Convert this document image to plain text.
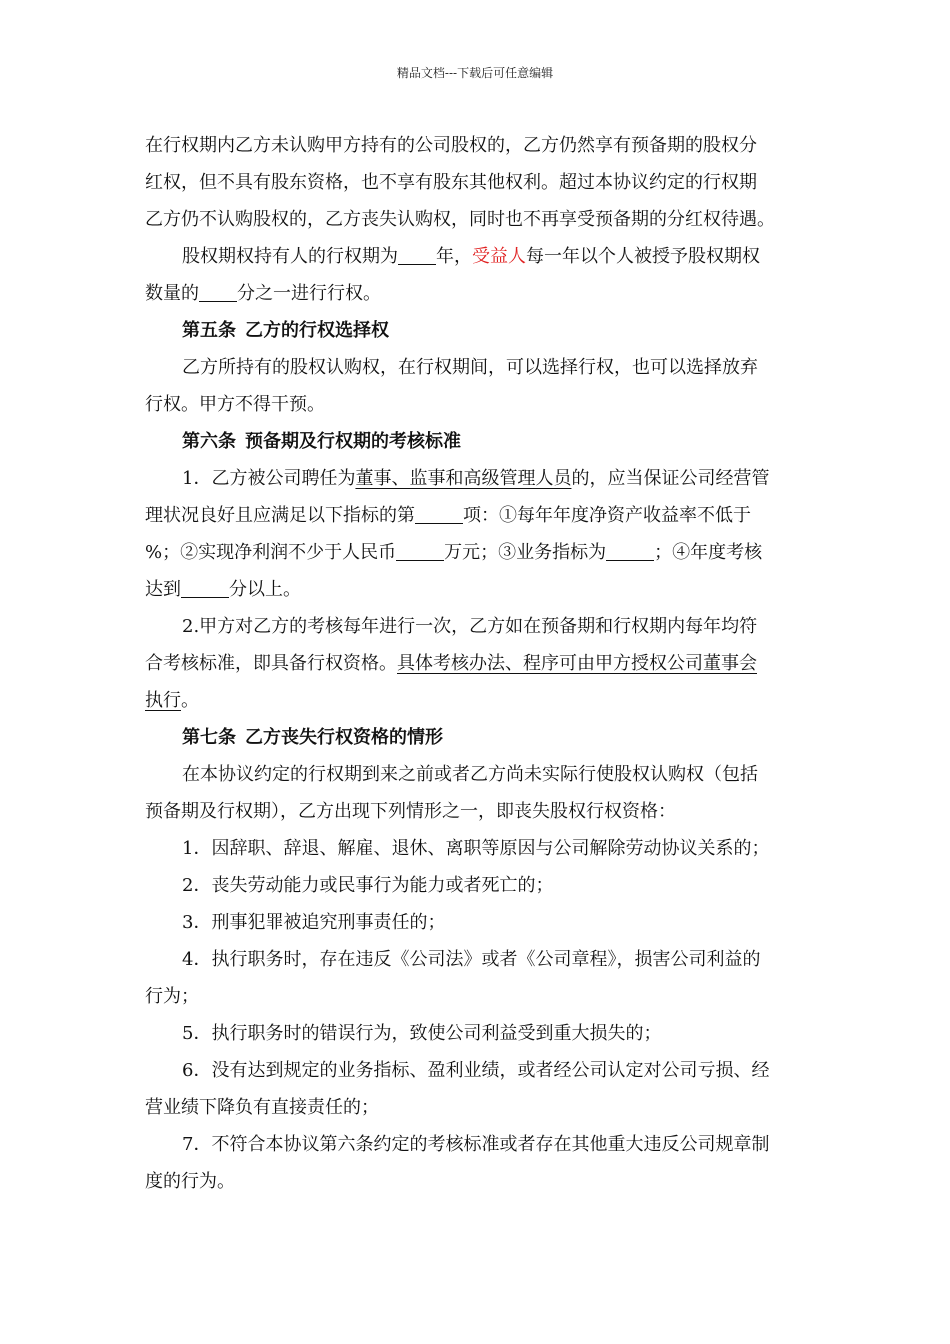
精品文档---下载后可任意编辑
在行权期内乙方未认购甲方持有的公司股权的，乙方仍然享有预备期的股权分
红权，但不具有股东资格，也不享有股东其他权利。超过本协议约定的行权期
乙方仍不认购股权的，乙方丧失认购权，同时也不再享受预备期的分红权待遇。
股权期权持有人的行权期为 年，受益人每一年以个人被授予股权期权
数量的 分之一进行行权。
第五条 乙方的行权选择权
乙方所持有的股权认购权，在行权期间，可以选择行权，也可以选择放弃
行权。甲方不得干预。
第六条 预备期及行权期的考核标准
1．乙方被公司聘任为董事、监事和高级管理人员的，应当保证公司经营管
理状况良好且应满足以下指标的第	项：①每年年度净资产收益率不低于
%；②实现净利润不少于人民币	万元；③业务指标为	；④年度考核
达到	分以上。
2.甲方对乙方的考核每年进行一次，乙方如在预备期和行权期内每年均符
合考核标准，即具备行权资格。具体考核办法、程序可由甲方授权公司董事会
执行。
第七条 乙方丧失行权资格的情形
在本协议约定的行权期到来之前或者乙方尚未实际行使股权认购权（包括
预备期及行权期），乙方出现下列情形之一，即丧失股权行权资格：
1．因辞职、辞退、解雇、退休、离职等原因与公司解除劳动协议关系的；
2．丧失劳动能力或民事行为能力或者死亡的；
3．刑事犯罪被追究刑事责任的；
4．执行职务时，存在违反《公司法》或者《公司章程》，损害公司利益的
行为；
5．执行职务时的错误行为，致使公司利益受到重大损失的；
6．没有达到规定的业务指标、盈利业绩，或者经公司认定对公司亏损、经
营业绩下降负有直接责任的；
7．不符合本协议第六条约定的考核标准或者存在其他重大违反公司规章制
度的行为。
